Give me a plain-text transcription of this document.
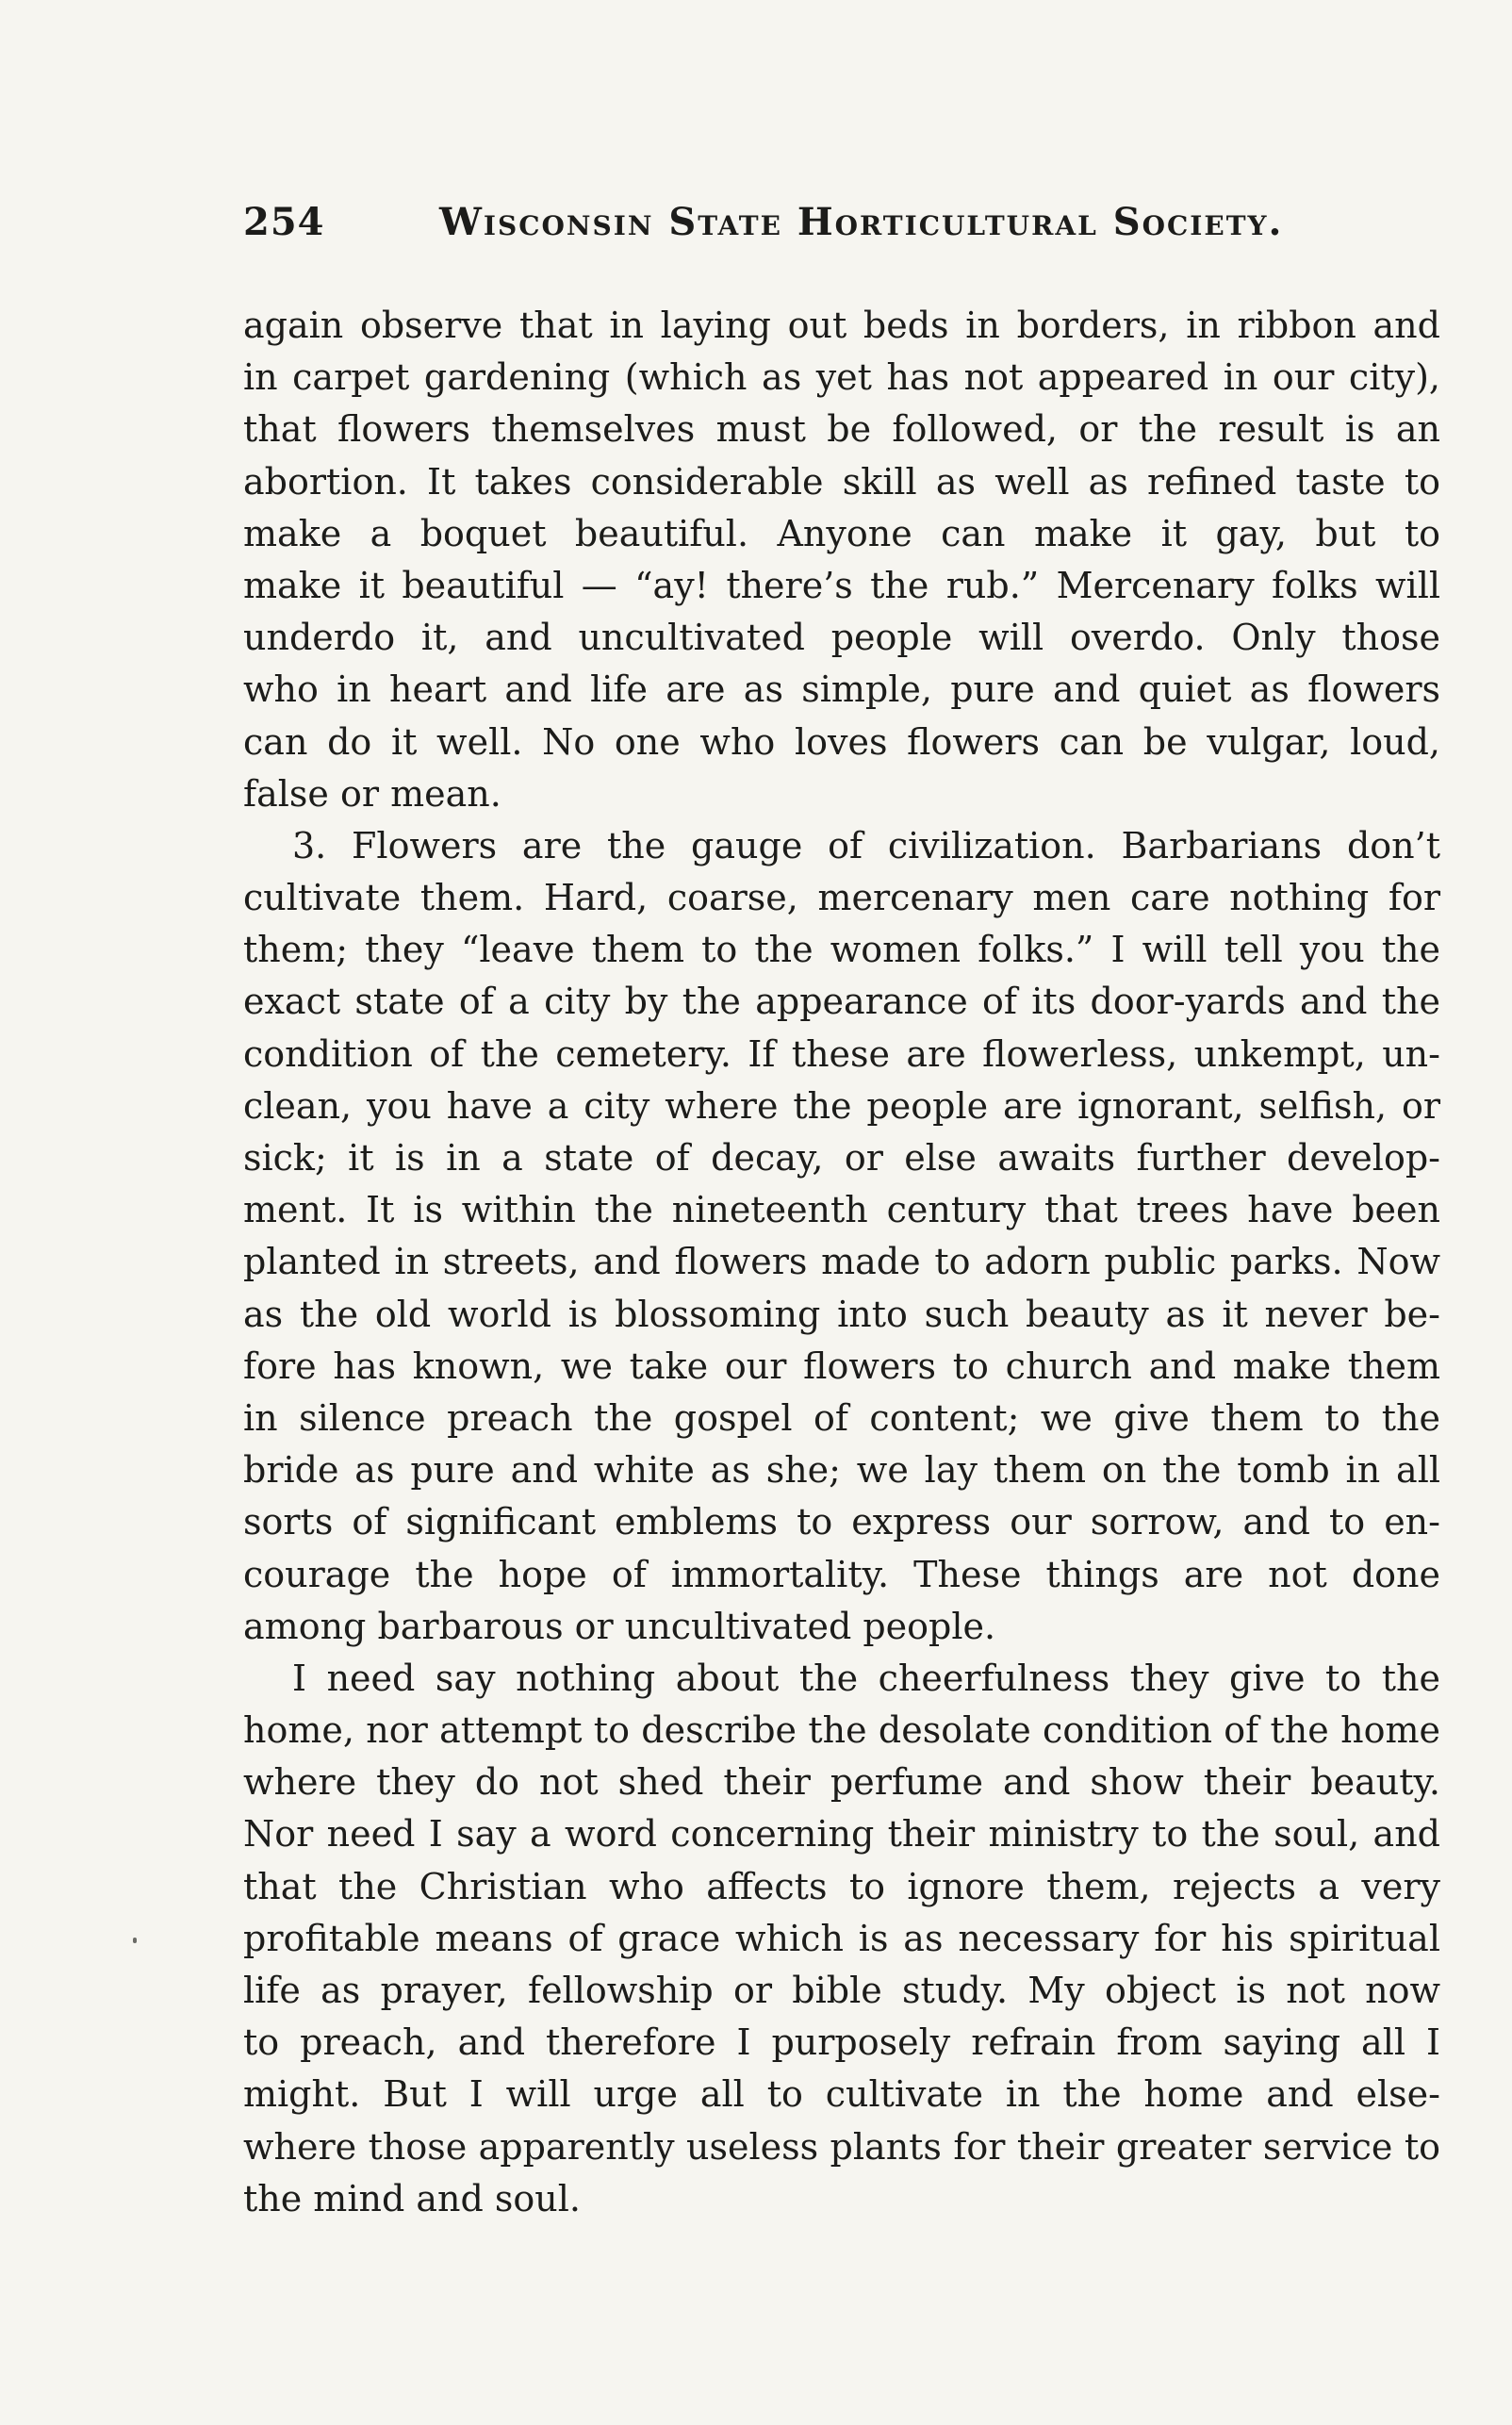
254	Wisconsin State Horticultural Society.
again observe that in laying out beds in borders, in ribbon and
in carpet gardening (which as yet has not appeared in our city),
that flowers themselves must be followed, or the result is an
abortion. It takes considerable skill as well as refined taste to
make a boquet beautiful. Anyone can make it gay, but to
make it beautiful — “ay! there’s the rub.” Mercenary folks will
underdo it, and uncultivated people will overdo. Only those
who in heart and life are as simple, pure and quiet as flowers
can do it well. No one who loves flowers can be vulgar, loud,
false or mean.
3. Flowers are the gauge of civilization. Barbarians don’t
cultivate them. Hard, coarse, mercenary men care nothing for
them; they “leave them to the women folks.” I will tell you the
exact state of a city by the appearance of its door-yards and the
condition of the cemetery. If these are flowerless, unkempt, un-
clean, you have a city where the people are ignorant, selfish, or
sick; it is in a state of decay, or else awaits further develop-
ment. It is within the nineteenth century that trees have been
planted in streets, and flowers made to adorn public parks. Now
as the old world is blossoming into such beauty as it never be-
fore has known, we take our flowers to church and make them
in silence preach the gospel of content; we give them to the
bride as pure and white as she; we lay them on the tomb in all
sorts of significant emblems to express our sorrow, and to en-
courage the hope of immortality. These things are not done
among barbarous or uncultivated people.
I need say nothing about the cheerfulness they give to the
home, nor attempt to describe the desolate condition of the home
where they do not shed their perfume and show their beauty.
Nor need I say a word concerning their ministry to the soul, and
that the Christian who affects to ignore them, rejects a very
profitable means of grace which is as necessary for his spiritual
life as prayer, fellowship or bible study. My object is not now
to preach, and therefore I purposely refrain from saying all I
might. But I will urge all to cultivate in the home and else-
where those apparently useless plants for their greater service to
the mind and soul.
